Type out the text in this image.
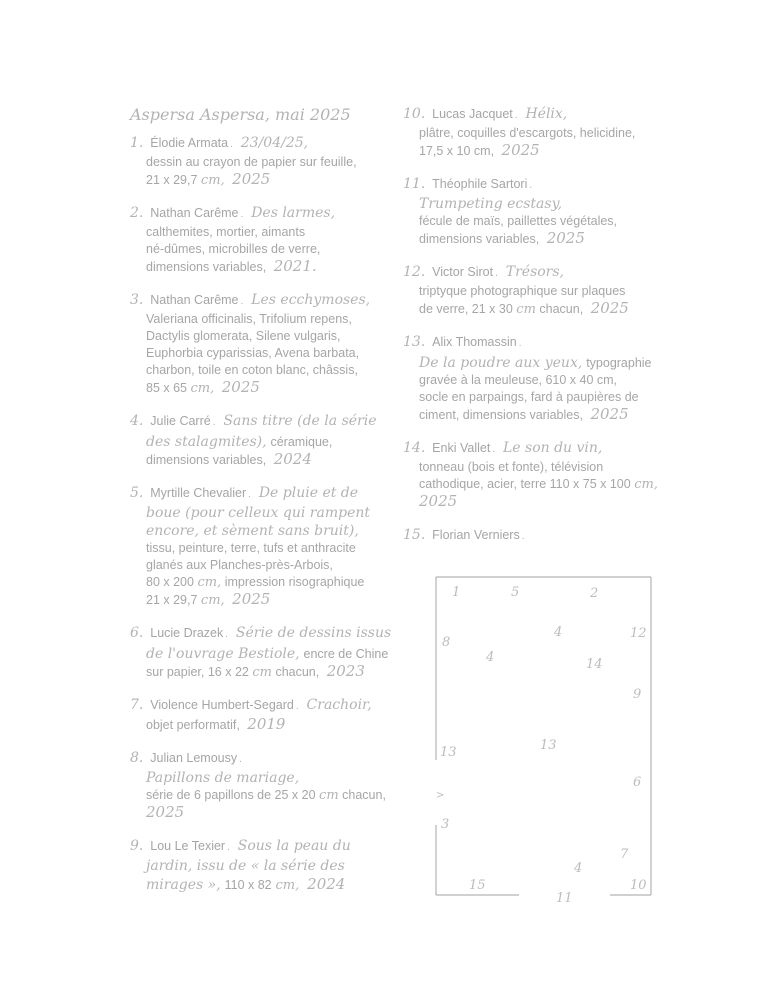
Aspersa Aspersa, mai 2025
1. Élodie Armata . 23/04/25,
dessin au crayon de papier sur feuille,
21 x 29,7 cm, 2025
2. Nathan Carême . Des larmes,
calthemites, mortier, aimants
né-dûmes, microbilles de verre,
dimensions variables, 2021.
3. Nathan Carême . Les ecchymoses,
Valeriana officinalis, Trifolium repens,
Dactylis glomerata, Silene vulgaris,
Euphorbia cyparissias, Avena barbata,
charbon, toile en coton blanc, châssis,
85 x 65 cm, 2025
4. Julie Carré . Sans titre (de la série
des stalagmites), céramique,
dimensions variables, 2024
5. Myrtille Chevalier . De pluie et de
boue (pour celleux qui rampent
encore, et sèment sans bruit),
tissu, peinture, terre, tufs et anthracite
glanés aux Planches-près-Arbois,
80 x 200 cm, impression risographique
21 x 29,7 cm, 2025
6. Lucie Drazek . Série de dessins issus
de l'ouvrage Bestiole, encre de Chine
sur papier, 16 x 22 cm chacun, 2023
7. Violence Humbert-Segard . Crachoir,
objet performatif, 2019
8. Julian Lemousy .
Papillons de mariage,
série de 6 papillons de 25 x 20 cm chacun,
2025
9. Lou Le Texier . Sous la peau du
jardin, issu de « la série des
mirages », 110 x 82 cm, 2024
10. Lucas Jacquet . Hélix,
plâtre, coquilles d'escargots, helicidine,
17,5 x 10 cm, 2025
11. Théophile Sartori .
Trumpeting ecstasy,
fécule de maïs, paillettes végétales,
dimensions variables, 2025
12. Victor Sirot . Trésors,
triptyque photographique sur plaques
de verre, 21 x 30 cm chacun, 2025
13. Alix Thomassin .
De la poudre aux yeux, typographie
gravée à la meuleuse, 610 x 40 cm,
socle en parpaings, fard à paupières de
ciment, dimensions variables, 2025
14. Enki Vallet . Le son du vin,
tonneau (bois et fonte), télévision
cathodique, acier, terre 110 x 75 x 100 cm,
2025
15. Florian Verniers .
1	5	2
4	12
8
4	14
9
13	13
6
>
3
7
4
15
11
10
